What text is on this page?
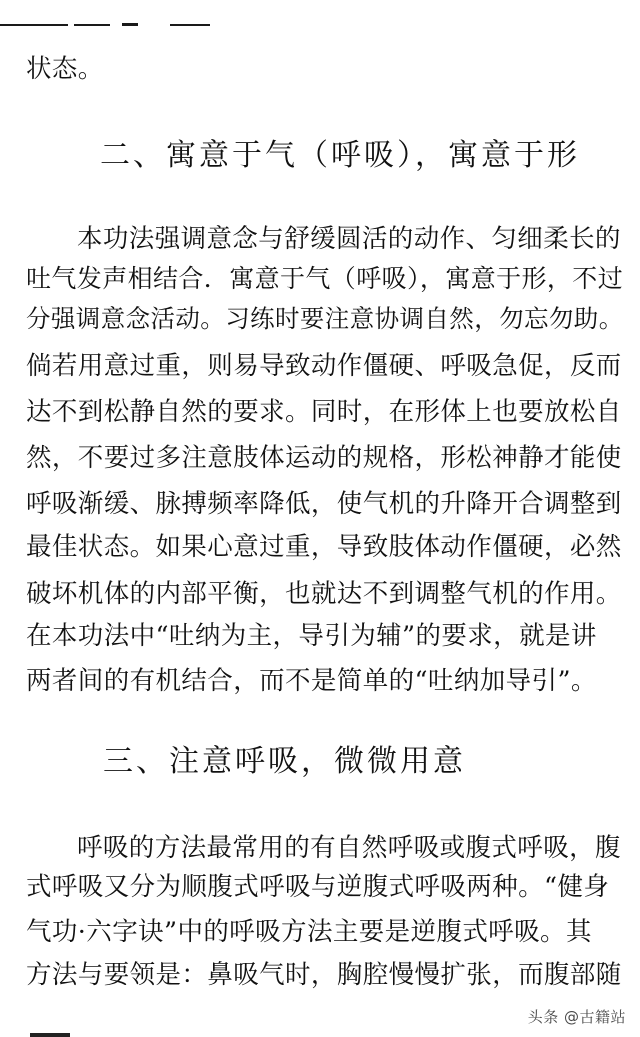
状态。
二、寓意于气（呼吸），寓意于形
本功法强调意念与舒缓圆活的动作、匀细柔长的
吐气发声相结合．寓意于气（呼吸），寓意于形，不过
分强调意念活动。习练时要注意协调自然，勿忘勿助。
倘若用意过重，则易导致动作僵硬、呼吸急促，反而
达不到松静自然的要求。同时，在形体上也要放松自
然，不要过多注意肢体运动的规格，形松神静才能使
呼吸渐缓、脉搏频率降低，使气机的升降开合调整到
最佳状态。如果心意过重，导致肢体动作僵硬，必然
破坏机体的内部平衡，也就达不到调整气机的作用。
在本功法中“吐纳为主，导引为辅”的要求，就是讲
两者间的有机结合，而不是简单的“吐纳加导引”。
三、注意呼吸，微微用意
呼吸的方法最常用的有自然呼吸或腹式呼吸，腹
式呼吸又分为顺腹式呼吸与逆腹式呼吸两种。“健身
气功·六字诀”中的呼吸方法主要是逆腹式呼吸。其
方法与要领是：鼻吸气时，胸腔慢慢扩张，而腹部随
头条 @古籍站
